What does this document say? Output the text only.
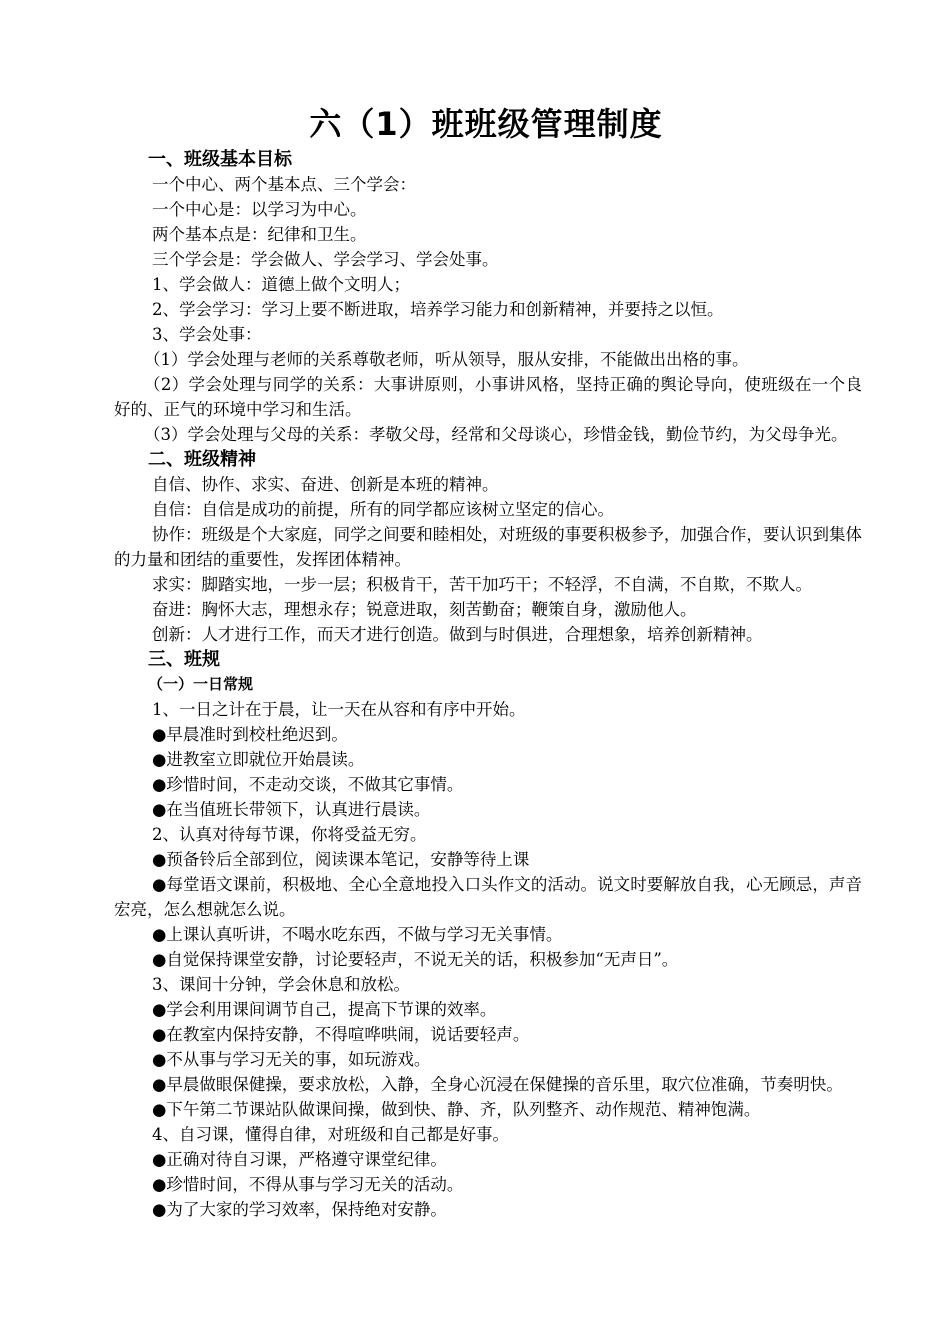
六（1）班班级管理制度

一、班级基本目标

一个中心、两个基本点、三个学会：

一个中心是：以学习为中心。

两个基本点是：纪律和卫生。

三个学会是：学会做人、学会学习、学会处事。

1、学会做人：道德上做个文明人；

2、学会学习：学习上要不断进取，培养学习能力和创新精神，并要持之以恒。

3、学会处事：

（1）学会处理与老师的关系尊敬老师，听从领导，服从安排，不能做出出格的事。

（2）学会处理与同学的关系：大事讲原则，小事讲风格，坚持正确的舆论导向，使班级在一个良好的、正气的环境中学习和生活。

（3）学会处理与父母的关系：孝敬父母，经常和父母谈心，珍惜金钱，勤俭节约，为父母争光。

二、班级精神

自信、协作、求实、奋进、创新是本班的精神。

自信：自信是成功的前提，所有的同学都应该树立坚定的信心。

协作：班级是个大家庭，同学之间要和睦相处，对班级的事要积极参予，加强合作，要认识到集体的力量和团结的重要性，发挥团体精神。

求实：脚踏实地，一步一层；积极肯干，苦干加巧干；不轻浮，不自满，不自欺，不欺人。

奋进：胸怀大志，理想永存；锐意进取，刻苦勤奋；鞭策自身，激励他人。

创新：人才进行工作，而天才进行创造。做到与时俱进，合理想象，培养创新精神。

三、班规

（一）一日常规

1、一日之计在于晨，让一天在从容和有序中开始。

●早晨准时到校杜绝迟到。

●进教室立即就位开始晨读。

●珍惜时间，不走动交谈，不做其它事情。

●在当值班长带领下，认真进行晨读。

2、认真对待每节课，你将受益无穷。

●预备铃后全部到位，阅读课本笔记，安静等待上课

●每堂语文课前，积极地、全心全意地投入口头作文的活动。说文时要解放自我，心无顾忌，声音宏亮，怎么想就怎么说。

●上课认真听讲，不喝水吃东西，不做与学习无关事情。

●自觉保持课堂安静，讨论要轻声，不说无关的话，积极参加“无声日”。

3、课间十分钟，学会休息和放松。

●学会利用课间调节自己，提高下节课的效率。

●在教室内保持安静，不得喧哗哄闹，说话要轻声。

●不从事与学习无关的事，如玩游戏。

●早晨做眼保健操，要求放松，入静，全身心沉浸在保健操的音乐里，取穴位准确，节奏明快。

●下午第二节课站队做课间操，做到快、静、齐，队列整齐、动作规范、精神饱满。

4、自习课，懂得自律，对班级和自己都是好事。

●正确对待自习课，严格遵守课堂纪律。

●珍惜时间，不得从事与学习无关的活动。

●为了大家的学习效率，保持绝对安静。
